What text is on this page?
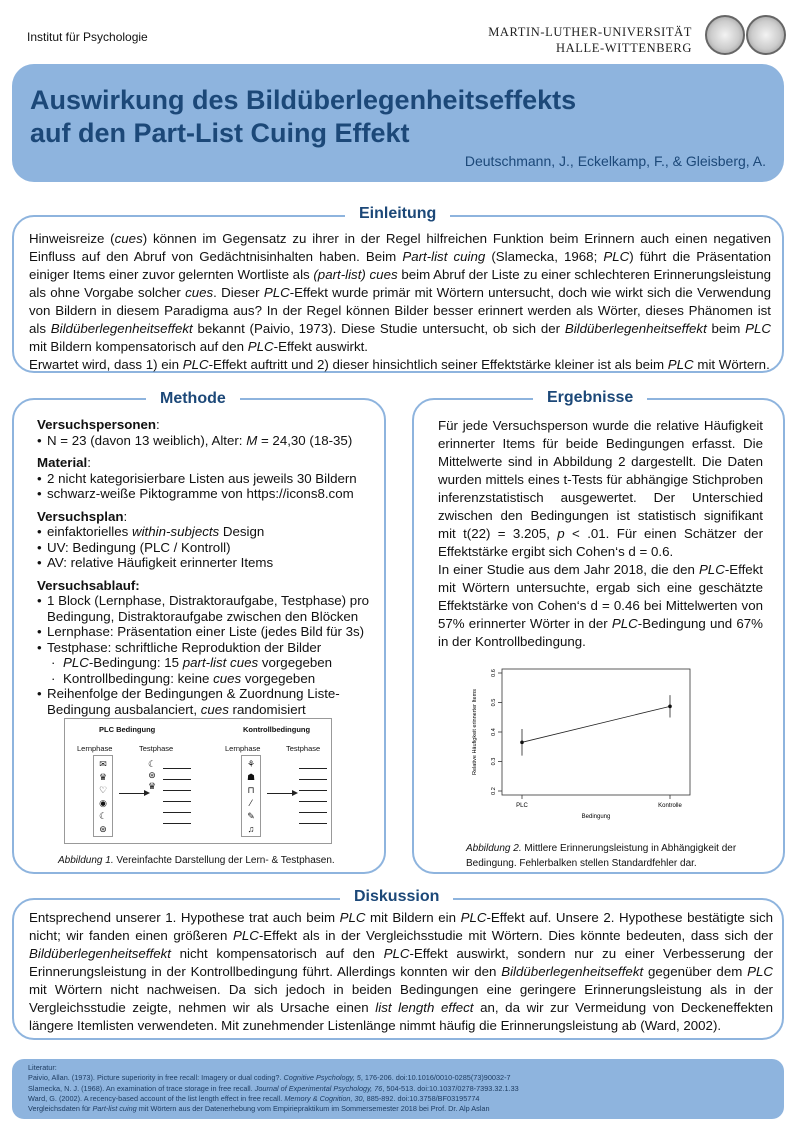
Institut für Psychologie	MARTIN-LUTHER-UNIVERSITÄT
HALLE-WITTENBERG
Auswirkung des Bildüberlegenheitseffekts
auf den Part-List Cuing Effekt
Deutschmann, J., Eckelkamp, F., & Gleisberg, A.
Hinweisreize (cues) können im Gegensatz zu ihrer in der Regel hilfreichen Funktion beim Erinnern auch einen negativen Einfluss auf den Abruf von Gedächtnisinhalten haben. Beim Part-list cuing (Slamecka, 1968; PLC) führt die Präsentation einiger Items einer zuvor gelernten Wortliste als (part-list) cues beim Abruf der Liste zu einer schlechteren Erinnerungsleistung als ohne Vorgabe solcher cues. Dieser PLC-Effekt wurde primär mit Wörtern untersucht, doch wie wirkt sich die Verwendung von Bildern in diesem Paradigma aus? In der Regel können Bilder besser erinnert werden als Wörter, dieses Phänomen ist als Bildüberlegenheitseffekt bekannt (Paivio, 1973). Diese Studie untersucht, ob sich der Bildüberlegenheitseffekt beim PLC mit Bildern kompensatorisch auf den PLC-Effekt auswirkt.
Erwartet wird, dass 1) ein PLC-Effekt auftritt und 2) dieser hinsichtlich seiner Effektstärke kleiner ist als beim PLC mit Wörtern.
Einleitung
Versuchspersonen:
• N = 23 (davon 13 weiblich), Alter: M = 24,30 (18-35)
Material:
• 2 nicht kategorisierbare Listen aus jeweils 30 Bildern
• schwarz-weiße Piktogramme von https://icons8.com
Versuchsplan:
• einfaktorielles within-subjects Design
• UV: Bedingung (PLC / Kontroll)
• AV: relative Häufigkeit erinnerter Items
Versuchsablauf:
• 1 Block (Lernphase, Distraktoraufgabe, Testphase) pro Bedingung, Distraktoraufgabe zwischen den Blöcken
• Lernphase: Präsentation einer Liste (jedes Bild für 3s)
• Testphase: schriftliche Reproduktion der Bilder
· PLC-Bedingung: 15 part-list cues vorgegeben
· Kontrollbedingung: keine cues vorgegeben
• Reihenfolge der Bedingungen & Zuordnung Liste-Bedingung ausbalanciert, cues randomisiert
PLC Bedingung	Kontrollbedingung
Lernphase	Testphase	Lernphase	Testphase
✉
♛
♡
◉
☾
⊛
☾
⊛
♛
⚘
☗
⊓
⁄
✎
♫
Abbildung 1. Vereinfachte Darstellung der Lern- & Testphasen.
Methode
Für jede Versuchsperson wurde die relative Häufigkeit erinnerter Items für beide Bedingungen erfasst. Die Mittelwerte sind in Abbildung 2 dargestellt. Die Daten wurden mittels eines t-Tests für abhängige Stichproben inferenzstatistisch ausgewertet. Der Unterschied zwischen den Bedingungen ist statistisch signifikant mit t(22) = 3.205, p < .01. Für einen Schätzer der Effektstärke ergibt sich Cohen‘s d = 0.6.
In einer Studie aus dem Jahr 2018, die den PLC-Effekt mit Wörtern untersuchte, ergab sich eine geschätzte Effektstärke von Cohen‘s d = 0.46 bei Mittelwerten von 57% erinnerter Wörter in der PLC-Bedingung und 67% in der Kontrollbedingung.
0.2
0.3
0.4
0.5
0.6
PLC	Kontrolle
Bedingung
Relative Häufigkeit erinnerter Items
Abbildung 2. Mittlere Erinnerungsleistung in Abhängigkeit der Bedingung. Fehlerbalken stellen Standardfehler dar.
Ergebnisse
Entsprechend unserer 1. Hypothese trat auch beim PLC mit Bildern ein PLC-Effekt auf. Unsere 2. Hypothese bestätigte sich nicht; wir fanden einen größeren PLC-Effekt als in der Vergleichsstudie mit Wörtern. Dies könnte bedeuten, dass sich der Bildüberlegenheitseffekt nicht kompensatorisch auf den PLC-Effekt auswirkt, sondern nur zu einer Verbesserung der Erinnerungsleistung in der Kontrollbedingung führt. Allerdings konnten wir den Bildüberlegenheitseffekt gegenüber dem PLC mit Wörtern nicht nachweisen. Da sich jedoch in beiden Bedingungen eine geringere Erinnerungsleistung als in der Vergleichsstudie zeigte, nehmen wir als Ursache einen list length effect an, da wir zur Vermeidung von Deckeneffekten längere Itemlisten verwendeten. Mit zunehmender Listenlänge nimmt häufig die Erinnerungsleistung ab (Ward, 2002).
Diskussion
Literatur:
Paivio, Allan. (1973). Picture superiority in free recall: Imagery or dual coding?. Cognitive Psychology, 5, 176-206. doi:10.1016/0010-0285(73)90032-7
Slamecka, N. J. (1968). An examination of trace storage in free recall. Journal of Experimental Psychology, 76, 504-513. doi:10.1037/0278-7393.32.1.33
Ward, G. (2002). A recency-based account of the list length effect in free recall. Memory & Cognition, 30, 885-892. doi:10.3758/BF03195774
Vergleichsdaten für Part-list cuing mit Wörtern aus der Datenerhebung vom Empiriepraktikum im Sommersemester 2018 bei Prof. Dr. Alp Aslan
